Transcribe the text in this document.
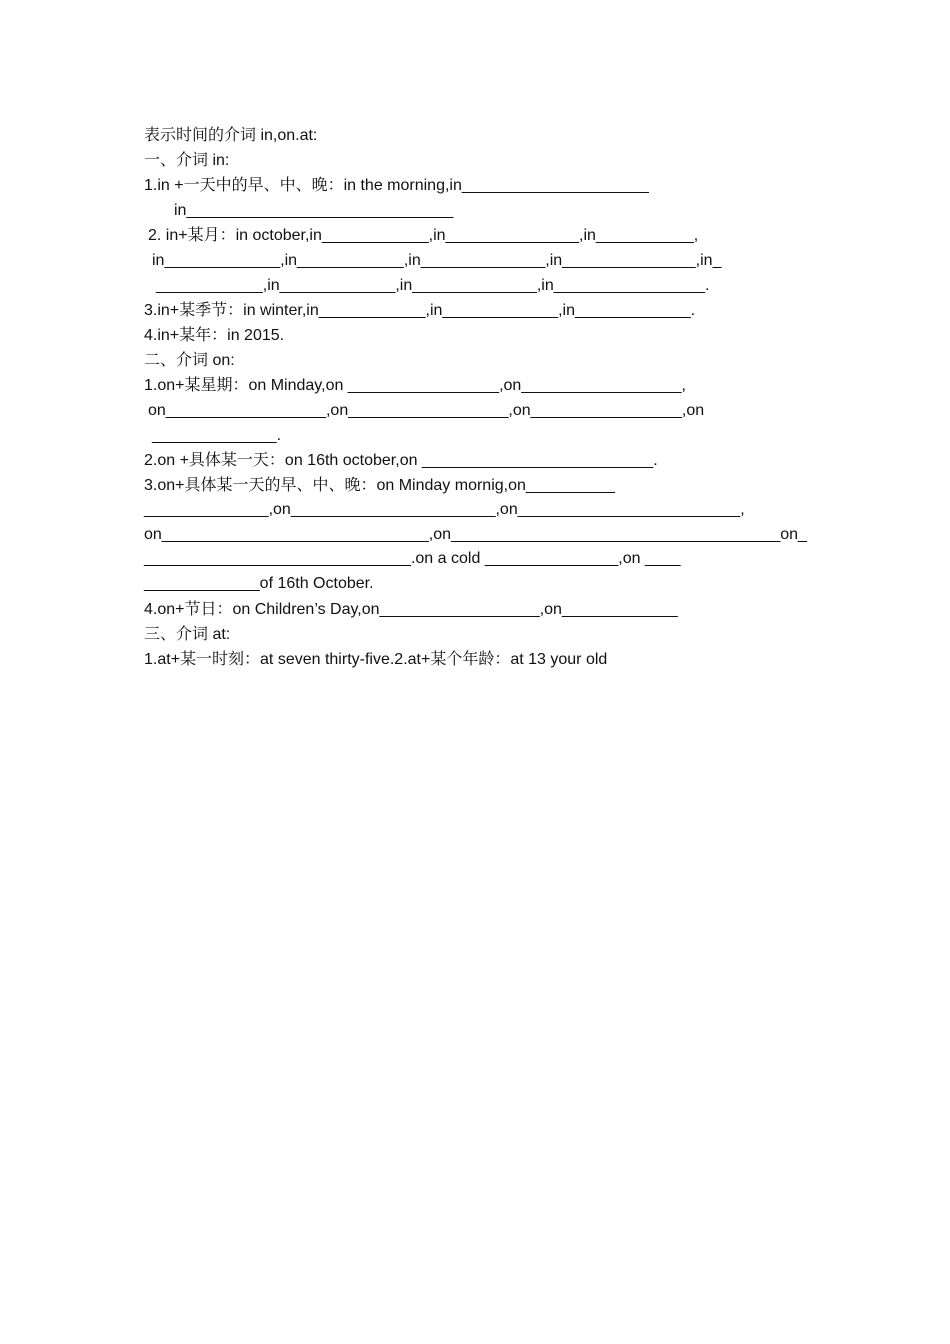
表示时间的介词 in,on.at:
一、介词 in:
1.in +一天中的早、中、晚：in the morning,in_____________________
in______________________________
2. in+某月：in october,in____________,in_______________,in___________,
in_____________,in____________,in______________,in_______________,in_
____________,in_____________,in______________,in_________________.
3.in+某季节：in winter,in____________,in_____________,in_____________.
4.in+某年：in 2015.
二、介词 on:
1.on+某星期：on Minday,on _________________,on__________________,
on__________________,on__________________,on_________________,on
______________.
2.on +具体某一天：on 16th october,on __________________________.
3.on+具体某一天的早、中、晚：on Minday mornig,on__________
______________,on_______________________,on_________________________,
on______________________________,on_____________________________________on_
______________________________.on a cold _______________,on ____
_____________of 16th October.
4.on+节日：on Children’s Day,on__________________,on_____________
三、介词 at:
1.at+某一时刻：at seven thirty-five.2.at+某个年龄：at 13 your old
